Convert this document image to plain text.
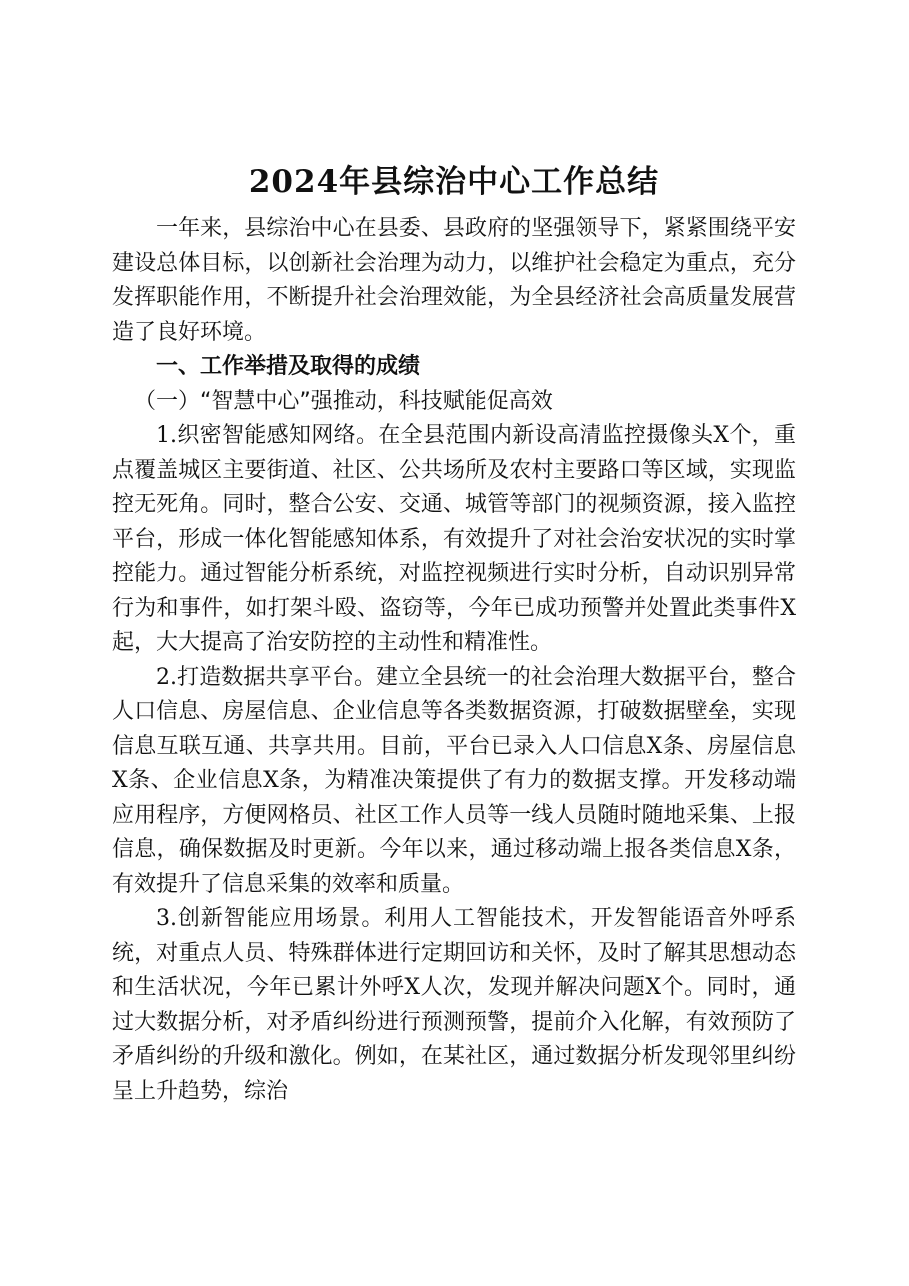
2024年县综治中心工作总结

一年来，县综治中心在县委、县政府的坚强领导下，紧紧围绕平安建设总体目标，以创新社会治理为动力，以维护社会稳定为重点，充分发挥职能作用，不断提升社会治理效能，为全县经济社会高质量发展营造了良好环境。

一、工作举措及取得的成绩

（一）“智慧中心”强推动，科技赋能促高效

1.织密智能感知网络。在全县范围内新设高清监控摄像头X个，重点覆盖城区主要街道、社区、公共场所及农村主要路口等区域，实现监控无死角。同时，整合公安、交通、城管等部门的视频资源，接入监控平台，形成一体化智能感知体系，有效提升了对社会治安状况的实时掌控能力。通过智能分析系统，对监控视频进行实时分析，自动识别异常行为和事件，如打架斗殴、盗窃等，今年已成功预警并处置此类事件X起，大大提高了治安防控的主动性和精准性。

2.打造数据共享平台。建立全县统一的社会治理大数据平台，整合人口信息、房屋信息、企业信息等各类数据资源，打破数据壁垒，实现信息互联互通、共享共用。目前，平台已录入人口信息X条、房屋信息X条、企业信息X条，为精准决策提供了有力的数据支撑。开发移动端应用程序，方便网格员、社区工作人员等一线人员随时随地采集、上报信息，确保数据及时更新。今年以来，通过移动端上报各类信息X条，有效提升了信息采集的效率和质量。

3.创新智能应用场景。利用人工智能技术，开发智能语音外呼系统，对重点人员、特殊群体进行定期回访和关怀，及时了解其思想动态和生活状况，今年已累计外呼X人次，发现并解决问题X个。同时，通过大数据分析，对矛盾纠纷进行预测预警，提前介入化解，有效预防了矛盾纠纷的升级和激化。例如，在某社区，通过数据分析发现邻里纠纷呈上升趋势，综治
